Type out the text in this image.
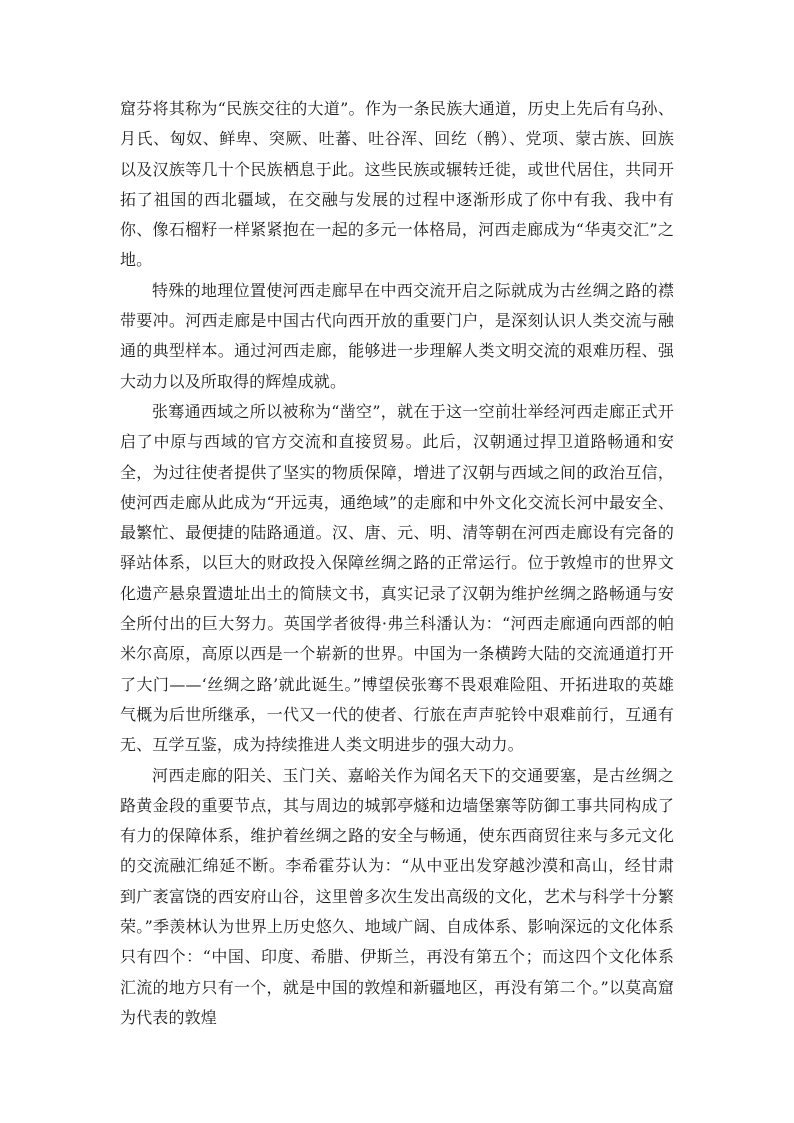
窟芬将其称为“民族交往的大道”。作为一条民族大通道，历史上先后有乌孙、月氏、匈奴、鲜卑、突厥、吐蕃、吐谷浑、回纥（鹘）、党项、蒙古族、回族以及汉族等几十个民族栖息于此。这些民族或辗转迁徙，或世代居住，共同开拓了祖国的西北疆域，在交融与发展的过程中逐渐形成了你中有我、我中有你、像石榴籽一样紧紧抱在一起的多元一体格局，河西走廊成为“华夷交汇”之地。

特殊的地理位置使河西走廊早在中西交流开启之际就成为古丝绸之路的襟带要冲。河西走廊是中国古代向西开放的重要门户，是深刻认识人类交流与融通的典型样本。通过河西走廊，能够进一步理解人类文明交流的艰难历程、强大动力以及所取得的辉煌成就。

张骞通西域之所以被称为“凿空”，就在于这一空前壮举经河西走廊正式开启了中原与西域的官方交流和直接贸易。此后，汉朝通过捍卫道路畅通和安全，为过往使者提供了坚实的物质保障，增进了汉朝与西域之间的政治互信，使河西走廊从此成为“开远夷，通绝域”的走廊和中外文化交流长河中最安全、最繁忙、最便捷的陆路通道。汉、唐、元、明、清等朝在河西走廊设有完备的驿站体系，以巨大的财政投入保障丝绸之路的正常运行。位于敦煌市的世界文化遗产悬泉置遗址出土的简牍文书，真实记录了汉朝为维护丝绸之路畅通与安全所付出的巨大努力。英国学者彼得·弗兰科潘认为：“河西走廊通向西部的帕米尔高原，高原以西是一个崭新的世界。中国为一条横跨大陆的交流通道打开了大门——‘丝绸之路’就此诞生。”博望侯张骞不畏艰难险阻、开拓进取的英雄气概为后世所继承，一代又一代的使者、行旅在声声驼铃中艰难前行，互通有无、互学互鉴，成为持续推进人类文明进步的强大动力。

河西走廊的阳关、玉门关、嘉峪关作为闻名天下的交通要塞，是古丝绸之路黄金段的重要节点，其与周边的城郭亭燧和边墙堡寨等防御工事共同构成了有力的保障体系，维护着丝绸之路的安全与畅通，使东西商贸往来与多元文化的交流融汇绵延不断。李希霍芬认为：“从中亚出发穿越沙漠和高山，经甘肃到广袤富饶的西安府山谷，这里曾多次生发出高级的文化，艺术与科学十分繁荣。”季羡林认为世界上历史悠久、地域广阔、自成体系、影响深远的文化体系只有四个：“中国、印度、希腊、伊斯兰，再没有第五个；而这四个文化体系汇流的地方只有一个，就是中国的敦煌和新疆地区，再没有第二个。”以莫高窟为代表的敦煌
